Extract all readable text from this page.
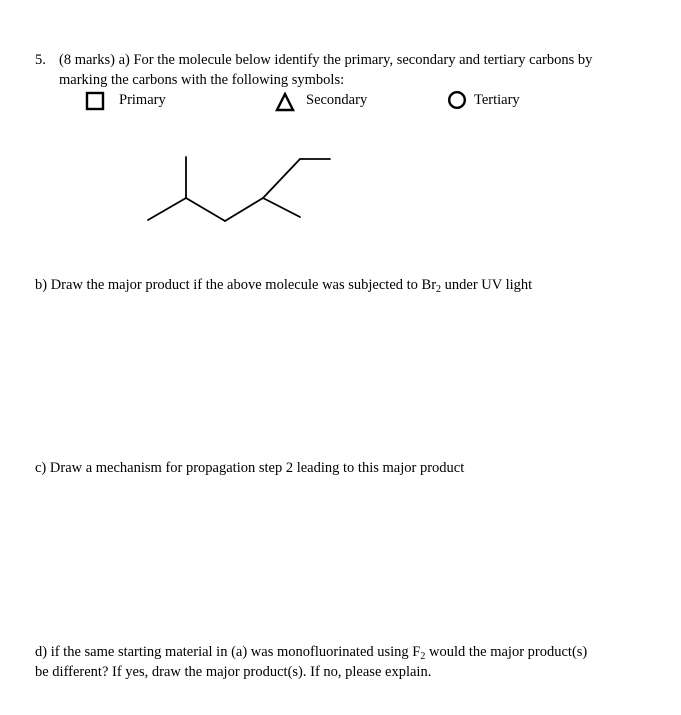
5. (8 marks) a) For the molecule below identify the primary, secondary and tertiary carbons by
marking the carbons with the following symbols:
Primary	Secondary	Tertiary
b) Draw the major product if the above molecule was subjected to $Br_2$ under UV light
c) Draw a mechanism for propagation step 2 leading to this major product
d) if the same starting material in (a) was monofluorinated using $F_2$ would the major product(s)
be different? If yes, draw the major product(s). If no, please explain.
